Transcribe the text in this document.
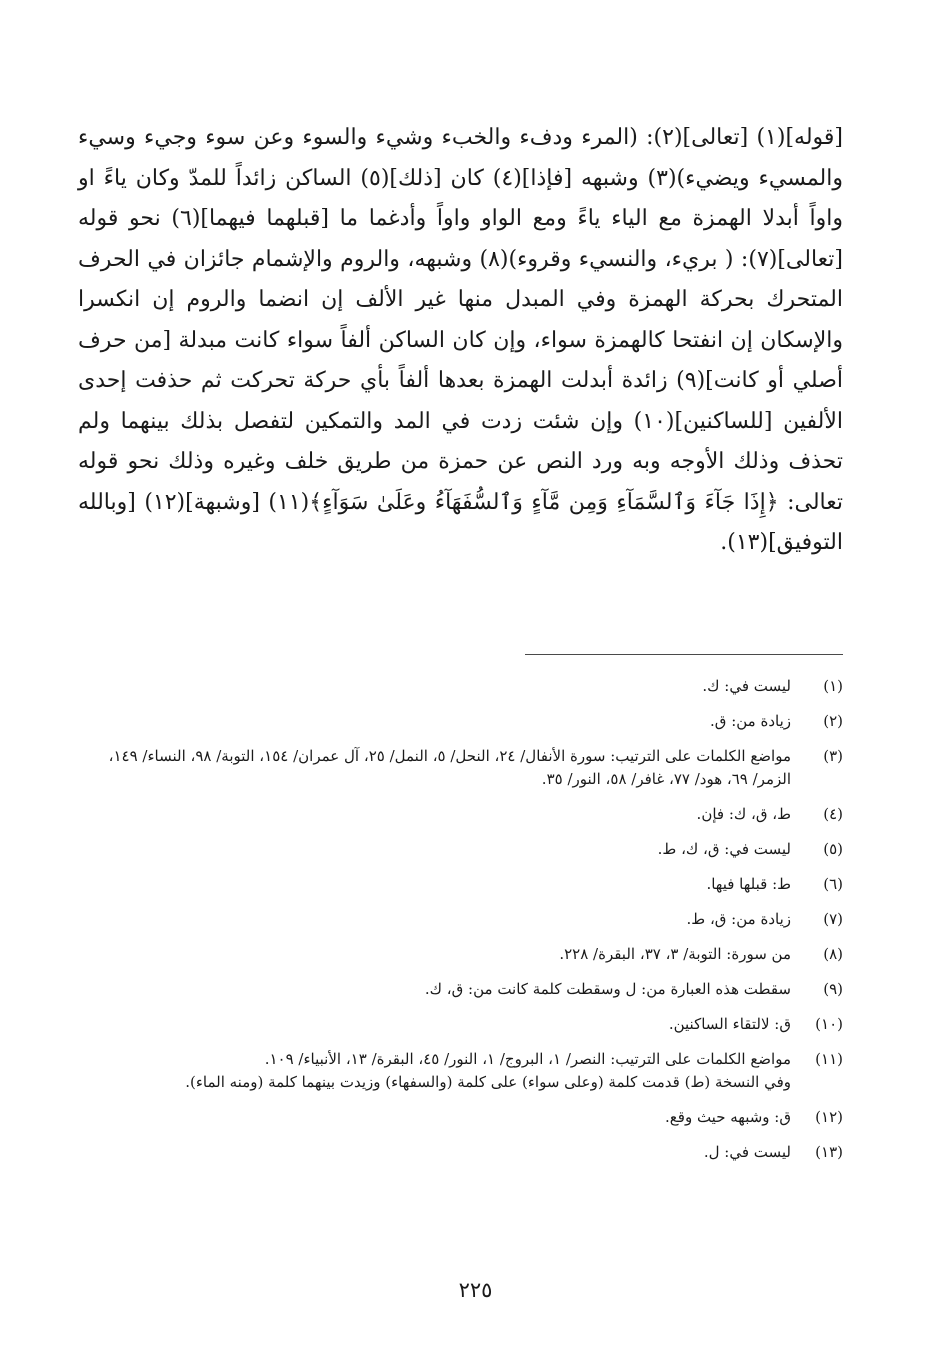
[قوله](١) [تعالى](٢): (المرء ودفء والخبء وشيء والسوء وعن سوء وجيء وسيء والمسيء ويضيء)(٣) وشبهه [فإذا](٤) كان [ذلك](٥) الساكن زائداً للمدّ وكان ياءً او واواً أبدلا الهمزة مع الياء ياءً ومع الواو واواً وأدغما ما [قبلهما فيهما](٦) نحو قوله [تعالى](٧): ( بريء، والنسيء وقروء)(٨) وشبهه، والروم والإشمام جائزان في الحرف المتحرك بحركة الهمزة وفي المبدل منها غير الألف إن انضما والروم إن انكسرا والإسكان إن انفتحا كالهمزة سواء، وإن كان الساكن ألفاً سواء كانت مبدلة [من حرف أصلي أو كانت](٩) زائدة أبدلت الهمزة بعدها ألفاً بأي حركة تحركت ثم حذفت إحدى الألفين [للساكنين](١٠) وإن شئت زدت في المد والتمكين لتفصل بذلك بينهما ولم تحذف وذلك الأوجه وبه ورد النص عن حمزة من طريق خلف وغيره وذلك نحو قوله تعالى: ﴿إِذَا جَآءَ وَٱلسَّمَآءِ وَمِن مَّآءٍ وَٱلسُّفَهَآءُ وعَلَىٰ سَوَآءٍ﴾(١١) [وشبهة](١٢) [وبالله التوفيق](١٣).

(١)

ليست في: ك.

(٢)

زيادة من: ق.

(٣)

مواضع الكلمات على الترتيب: سورة الأنفال/ ٢٤، النحل/ ٥، النمل/ ٢٥، آل عمران/ ١٥٤، التوبة/ ٩٨، النساء/ ١٤٩، الزمر/ ٦٩، هود/ ٧٧، غافر/ ٥٨، النور/ ٣٥.

(٤)

ط، ق، ك: فإن.

(٥)

ليست في: ق، ك، ط.

(٦)

ط: قبلها فيها.

(٧)

زيادة من: ق، ط.

(٨)

من سورة: التوبة/ ٣، ٣٧، البقرة/ ٢٢٨.

(٩)

سقطت هذه العبارة من: ل وسقطت كلمة كانت من: ق، ك.

(١٠)

ق: لالتقاء الساكنين.

(١١)

مواضع الكلمات على الترتيب: النصر/ ١، البروج/ ١، النور/ ٤٥، البقرة/ ١٣، الأنبياء/ ١٠٩.

وفي النسخة (ط) قدمت كلمة (وعلى سواء) على كلمة (والسفهاء) وزيدت بينهما كلمة (ومنه الماء).

(١٢)

ق: وشبهه حيث وقع.

(١٣)

ليست في: ل.

٢٢٥
